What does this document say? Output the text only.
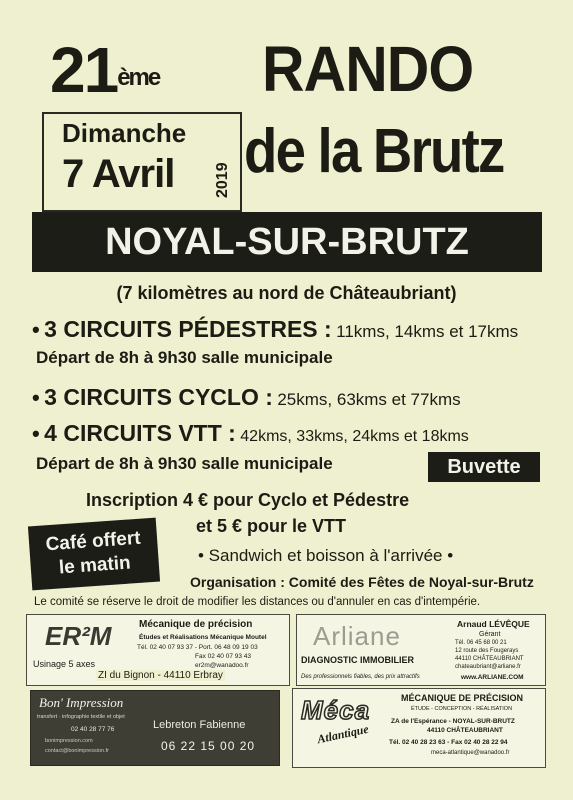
21ème RANDO
Dimanche
7 Avril 2019 de la Brutz
NOYAL-SUR-BRUTZ
(7 kilomètres au nord de Châteaubriant)
• 3 CIRCUITS PÉDESTRES : 11kms, 14kms et 17kms
Départ de 8h à 9h30 salle municipale
• 3 CIRCUITS CYCLO : 25kms, 63kms et 77kms
• 4 CIRCUITS VTT : 42kms, 33kms, 24kms et 18kms
Départ de 8h à 9h30 salle municipale	Buvette
Inscription 4 € pour Cyclo et Pédestre
et 5 € pour le VTT
Café offert
le matin	• Sandwich et boisson à l'arrivée •
Organisation : Comité des Fêtes de Noyal-sur-Brutz
Le comité se réserve le droit de modifier les distances ou d'annuler en cas d'intempérie.
ER²M
Usinage 5 axes
Mécanique de précision
Études et Réalisations Mécanique Moutel
Tél. 02 40 07 93 37 - Port. 06 48 09 19 03
Fax 02 40 07 93 43
er2m@wanadoo.fr
ZI du Bignon - 44110 Erbray
Arliane
DIAGNOSTIC IMMOBILIER
Arnaud LÉVÊQUE
Gérant
Tél. 06 45 68 00 21
12 route des Fougerays
44110 CHÂTEAUBRIANT
chateaubriant@arliane.fr
www.ARLIANE.COM
Des professionnels fiables, des prix attractifs
Bon' Impression
transfert · infographie textile et objet
02 40 28 77 76
bonimpression.com
contact@bonimpression.fr
Lebreton Fabienne
06 22 15 00 20
Méca
Atlantique
MÉCANIQUE DE PRÉCISION
ÉTUDE - CONCEPTION - RÉALISATION
ZA de l'Espérance - NOYAL-SUR-BRUTZ
44110 CHÂTEAUBRIANT
Tél. 02 40 28 23 63 - Fax 02 40 28 22 94
meca-atlantique@wanadoo.fr
